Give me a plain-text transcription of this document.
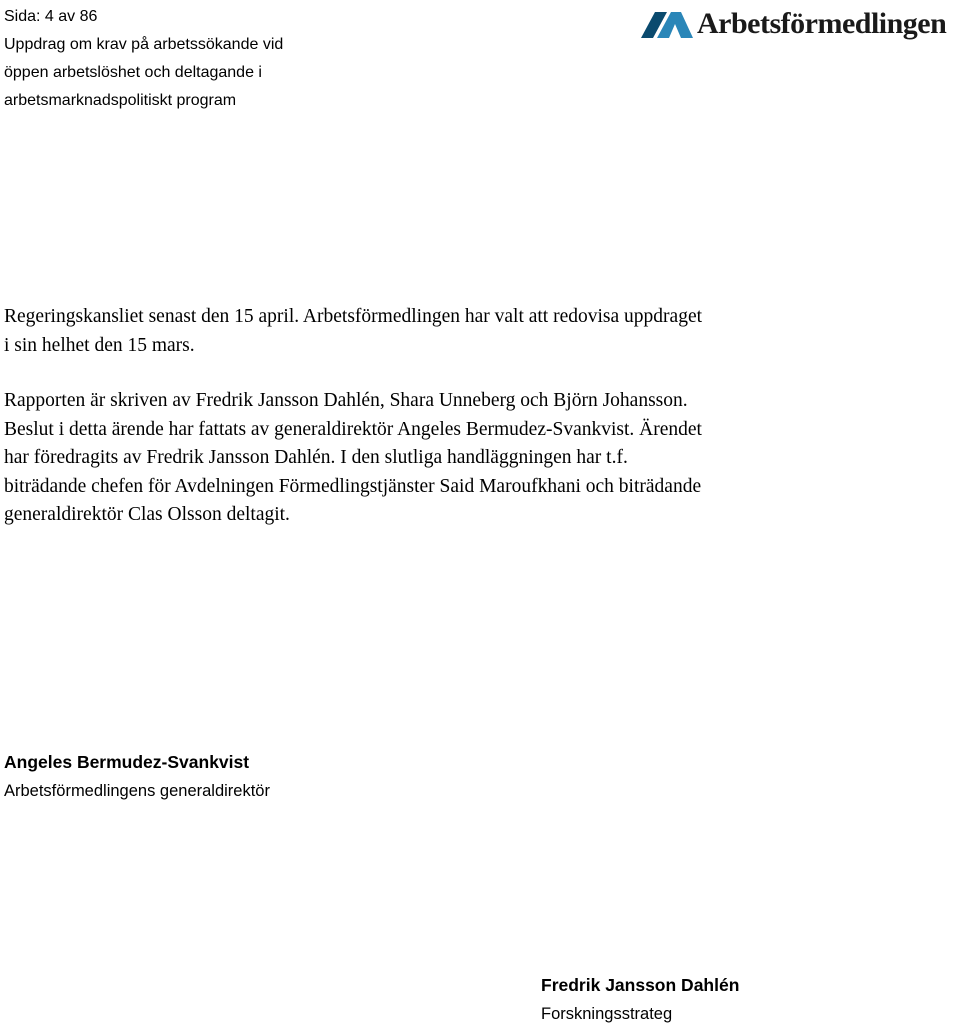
Sida: 4 av 86
Uppdrag om krav på arbetssökande vid
öppen arbetslöshet och deltagande i
arbetsmarknadspolitiskt program
Arbetsförmedlingen
Regeringskansliet senast den 15 april. Arbetsförmedlingen har valt att redovisa uppdraget
i sin helhet den 15 mars.
Rapporten är skriven av Fredrik Jansson Dahlén, Shara Unneberg och Björn Johansson.
Beslut i detta ärende har fattats av generaldirektör Angeles Bermudez-Svankvist. Ärendet
har föredragits av Fredrik Jansson Dahlén. I den slutliga handläggningen har t.f.
biträdande chefen för Avdelningen Förmedlingstjänster Said Maroufkhani och biträdande
generaldirektör Clas Olsson deltagit.
Angeles Bermudez-Svankvist
Arbetsförmedlingens generaldirektör
Fredrik Jansson Dahlén
Forskningsstrateg
